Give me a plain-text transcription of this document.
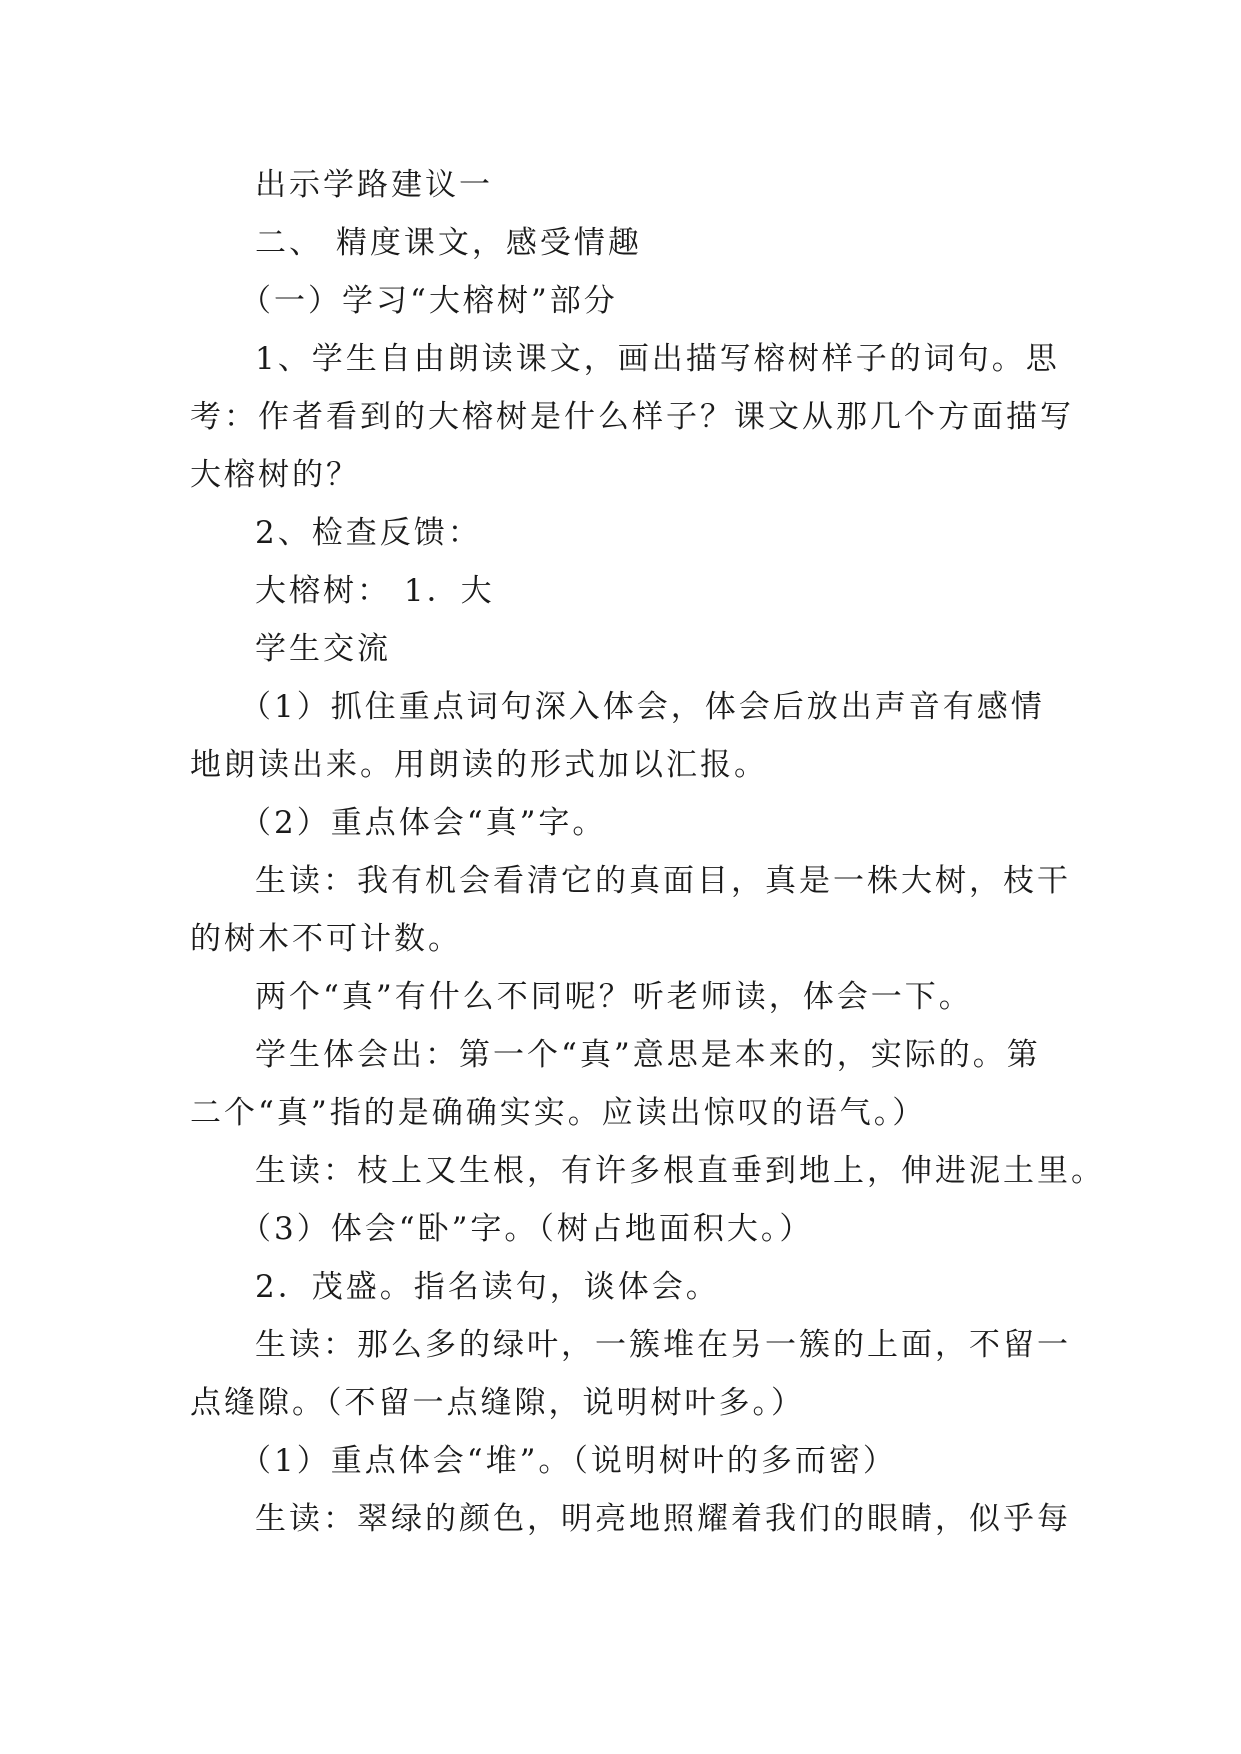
出示学路建议一
二、 精度课文，感受情趣
（一）学习“大榕树”部分
1、学生自由朗读课文，画出描写榕树样子的词句。思
考：作者看到的大榕树是什么样子？课文从那几个方面描写
大榕树的？
2、检查反馈：
大榕树： 1．大
学生交流
（1）抓住重点词句深入体会，体会后放出声音有感情
地朗读出来。用朗读的形式加以汇报。
（2）重点体会“真”字。
生读：我有机会看清它的真面目，真是一株大树，枝干
的树木不可计数。
两个“真”有什么不同呢？听老师读，体会一下。
学生体会出：第一个“真”意思是本来的，实际的。第
二个“真”指的是确确实实。应读出惊叹的语气。）
生读：枝上又生根，有许多根直垂到地上，伸进泥土里。
（3）体会“卧”字。（树占地面积大。）
2．茂盛。指名读句，谈体会。
生读：那么多的绿叶，一簇堆在另一簇的上面，不留一
点缝隙。（不留一点缝隙，说明树叶多。）
（1）重点体会“堆”。（说明树叶的多而密）
生读：翠绿的颜色，明亮地照耀着我们的眼睛，似乎每
